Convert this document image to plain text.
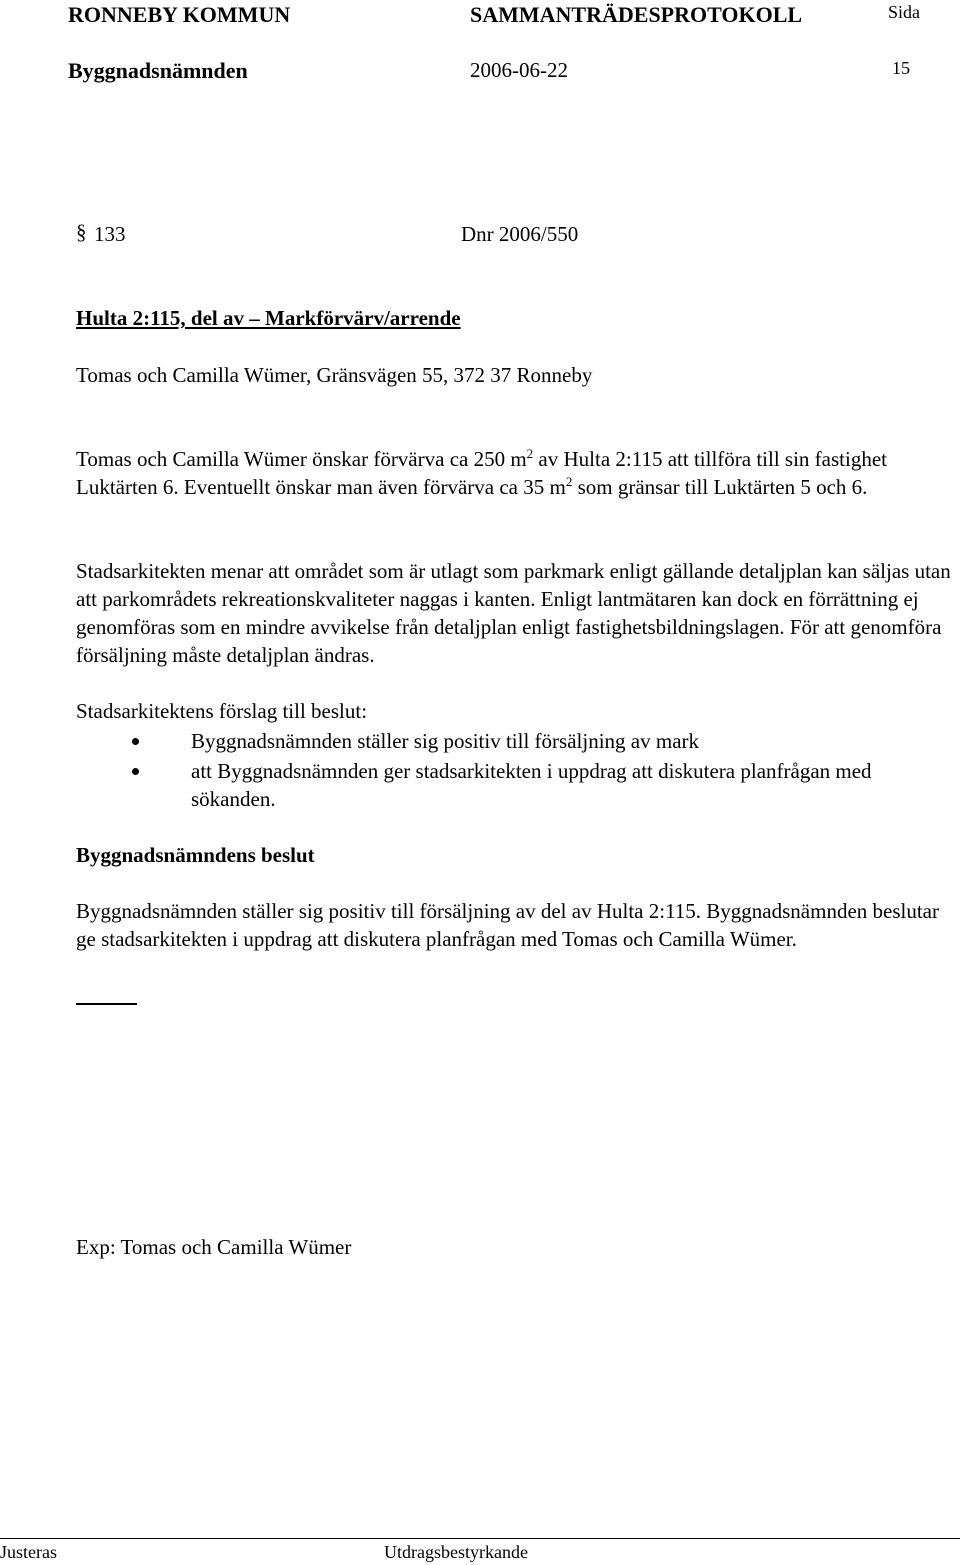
RONNEBY KOMMUN	SAMMANTRÄDESPROTOKOLL	Sida
Byggnadsnämnden	2006-06-22	15
§ 133	Dnr 2006/550
Hulta 2:115, del av – Markförvärv/arrende
Tomas och Camilla Wümer, Gränsvägen 55, 372 37 Ronneby
Tomas och Camilla Wümer önskar förvärva ca 250 $m^2$ av Hulta 2:115 att tillföra till sin fastighet Luktärten 6. Eventuellt önskar man även förvärva ca 35 $m^2$ som gränsar till Luktärten 5 och 6.
Stadsarkitekten menar att området som är utlagt som parkmark enligt gällande detaljplan kan säljas utan att parkområdets rekreationskvaliteter naggas i kanten. Enligt lantmätaren kan dock en förrättning ej genomföras som en mindre avvikelse från detaljplan enligt fastighetsbildningslagen. För att genomföra försäljning måste detaljplan ändras.
Stadsarkitektens förslag till beslut:
Byggnadsnämnden ställer sig positiv till försäljning av mark
att Byggnadsnämnden ger stadsarkitekten i uppdrag att diskutera planfrågan med sökanden.
Byggnadsnämndens beslut
Byggnadsnämnden ställer sig positiv till försäljning av del av Hulta 2:115. Byggnadsnämnden beslutar ge stadsarkitekten i uppdrag att diskutera planfrågan med Tomas och Camilla Wümer.
Exp: Tomas och Camilla Wümer
Justeras	Utdragsbestyrkande
